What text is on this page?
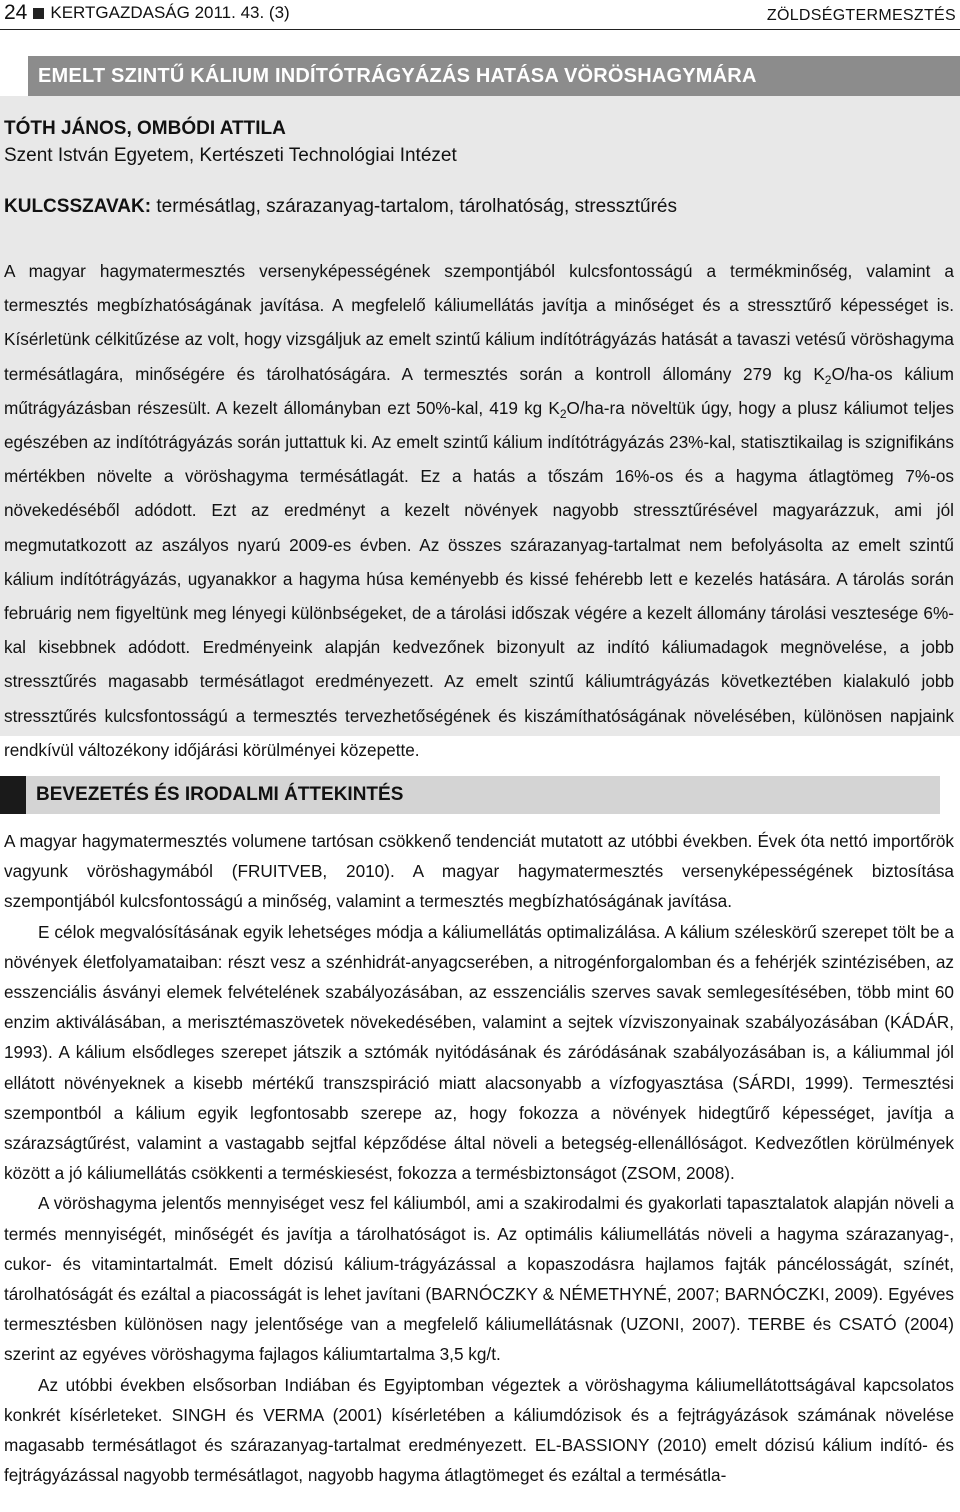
24 KERTGAZDASÁG 2011. 43. (3)	ZÖLDSÉGTERMESZTÉS
EMELT SZINTŰ KÁLIUM INDÍTÓTRÁGYÁZÁS HATÁSA VÖRÖSHAGYMÁRA

TÓTH JÁNOS, OMBÓDI ATTILA

Szent István Egyetem, Kertészeti Technológiai Intézet

KULCSSZAVAK: termésátlag, szárazanyag-tartalom, tárolhatóság, stressztűrés

A magyar hagymatermesztés versenyképességének szempontjából kulcsfontosságú a termékminőség, valamint a termesztés megbízhatóságának javítása. A megfelelő káliumellátás javítja a minőséget és a stressztűrő képességet is. Kísérletünk célkitűzése az volt, hogy vizsgáljuk az emelt szintű kálium indítótrágyázás hatását a tavaszi vetésű vöröshagyma termésátlagára, minőségére és tárolhatóságára. A termesztés során a kontroll állomány 279 kg $K_2O/ha-os$ kálium műtrágyázásban részesült. A kezelt állományban ezt 50%-kal, 419 kg $K_2O/ha-ra$ növeltük úgy, hogy a plusz káliumot teljes egészében az indítótrágyázás során juttattuk ki. Az emelt szintű kálium indítótrágyázás 23%-kal, statisztikailag is szignifikáns mértékben növelte a vöröshagyma termésátlagát. Ez a hatás a tőszám 16%-os és a hagyma átlagtömeg 7%-os növekedéséből adódott. Ezt az eredményt a kezelt növények nagyobb stressztűrésével magyarázzuk, ami jól megmutatkozott az aszályos nyarú 2009-es évben. Az összes szárazanyag-tartalmat nem befolyásolta az emelt szintű kálium indítótrágyázás, ugyanakkor a hagyma húsa keményebb és kissé fehérebb lett e kezelés hatására. A tárolás során februárig nem figyeltünk meg lényegi különbségeket, de a tárolási időszak végére a kezelt állomány tárolási vesztesége 6%-kal kisebbnek adódott. Eredményeink alapján kedvezőnek bizonyult az indító káliumadagok megnövelése, a jobb stressztűrés magasabb termésátlagot eredményezett. Az emelt szintű káliumtrágyázás következtében kialakuló jobb stressztűrés kulcsfontosságú a termesztés tervezhetőségének és kiszámíthatóságának növelésében, különösen napjaink rendkívül változékony időjárási körülményei közepette.

BEVEZETÉS ÉS IRODALMI ÁTTEKINTÉS

A magyar hagymatermesztés volumene tartósan csökkenő tendenciát mutatott az utóbbi években. Évek óta nettó importőrök vagyunk vöröshagymából (FRUITVEB, 2010). A magyar hagymatermesztés versenyképességének biztosítása szempontjából kulcsfontosságú a minőség, valamint a termesztés megbízhatóságának javítása.

E célok megvalósításának egyik lehetséges módja a káliumellátás optimalizálása. A kálium széleskörű szerepet tölt be a növények életfolyamataiban: részt vesz a szénhidrát-anyagcserében, a nitrogénforgalomban és a fehérjék szintézisében, az esszenciális ásványi elemek felvételének szabályozásában, az esszenciális szerves savak semlegesítésében, több mint 60 enzim aktiválásában, a merisztémaszövetek növekedésében, valamint a sejtek vízviszonyainak szabályozásában (KÁDÁR, 1993). A kálium elsődleges szerepet játszik a sztómák nyitódásának és záródásának szabályozásában is, a káliummal jól ellátott növényeknek a kisebb mértékű transzspiráció miatt alacsonyabb a vízfogyasztása (SÁRDI, 1999). Termesztési szempontból a kálium egyik legfontosabb szerepe az, hogy fokozza a növények hidegtűrő képességet, javítja a szárazságtűrést, valamint a vastagabb sejtfal képződése által növeli a betegség-ellenállóságot. Kedvezőtlen körülmények között a jó káliumellátás csökkenti a terméskiesést, fokozza a termésbiztonságot (ZSOM, 2008).

A vöröshagyma jelentős mennyiséget vesz fel káliumból, ami a szakirodalmi és gyakorlati tapasztalatok alapján növeli a termés mennyiségét, minőségét és javítja a tárolhatóságot is. Az optimális káliumellátás növeli a hagyma szárazanyag-, cukor- és vitamintartalmát. Emelt dózisú kálium-trágyázással a kopaszodásra hajlamos fajták páncélosságát, színét, tárolhatóságát és ezáltal a piacosságát is lehet javítani (BARNÓCZKY & NÉMETHYNÉ, 2007; BARNÓCZKI, 2009). Egyéves termesztésben különösen nagy jelentősége van a megfelelő káliumellátásnak (UZONI, 2007). TERBE és CSATÓ (2004) szerint az egyéves vöröshagyma fajlagos káliumtartalma 3,5 kg/t.

Az utóbbi években elsősorban Indiában és Egyiptomban végeztek a vöröshagyma káliumellátottságával kapcsolatos konkrét kísérleteket. SINGH és VERMA (2001) kísérletében a káliumdózisok és a fejtrágyázások számának növelése magasabb termésátlagot és szárazanyag-tartalmat eredményezett. EL-BASSIONY (2010) emelt dózisú kálium indító- és fejtrágyázással nagyobb termésátlagot, nagyobb hagyma átlagtömeget és ezáltal a termésátla-
